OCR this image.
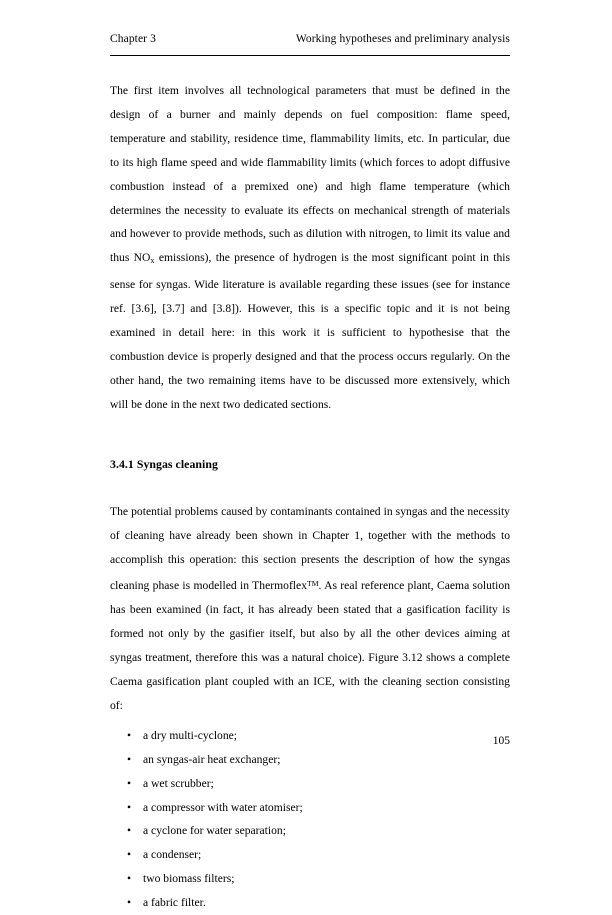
Chapter 3	Working hypotheses and preliminary analysis

The first item involves all technological parameters that must be defined in the design of a burner and mainly depends on fuel composition: flame speed, temperature and stability, residence time, flammability limits, etc. In particular, due to its high flame speed and wide flammability limits (which forces to adopt diffusive combustion instead of a premixed one) and high flame temperature (which determines the necessity to evaluate its effects on mechanical strength of materials and however to provide methods, such as dilution with nitrogen, to limit its value and thus $NO_x$ emissions), the presence of hydrogen is the most significant point in this sense for syngas. Wide literature is available regarding these issues (see for instance ref. [3.6], [3.7] and [3.8]). However, this is a specific topic and it is not being examined in detail here: in this work it is sufficient to hypothesise that the combustion device is properly designed and that the process occurs regularly. On the other hand, the two remaining items have to be discussed more extensively, which will be done in the next two dedicated sections.

3.4.1 Syngas cleaning

The potential problems caused by contaminants contained in syngas and the necessity of cleaning have already been shown in Chapter 1, together with the methods to accomplish this operation: this section presents the description of how the syngas cleaning phase is modelled in Thermoflex™. As real reference plant, Caema solution has been examined (in fact, it has already been stated that a gasification facility is formed not only by the gasifier itself, but also by all the other devices aiming at syngas treatment, therefore this was a natural choice). Figure 3.12 shows a complete Caema gasification plant coupled with an ICE, with the cleaning section consisting of:

• a dry multi-cyclone;
• an syngas-air heat exchanger;
• a wet scrubber;
• a compressor with water atomiser;
• a cyclone for water separation;
• a condenser;
• two biomass filters;
• a fabric filter.
105
